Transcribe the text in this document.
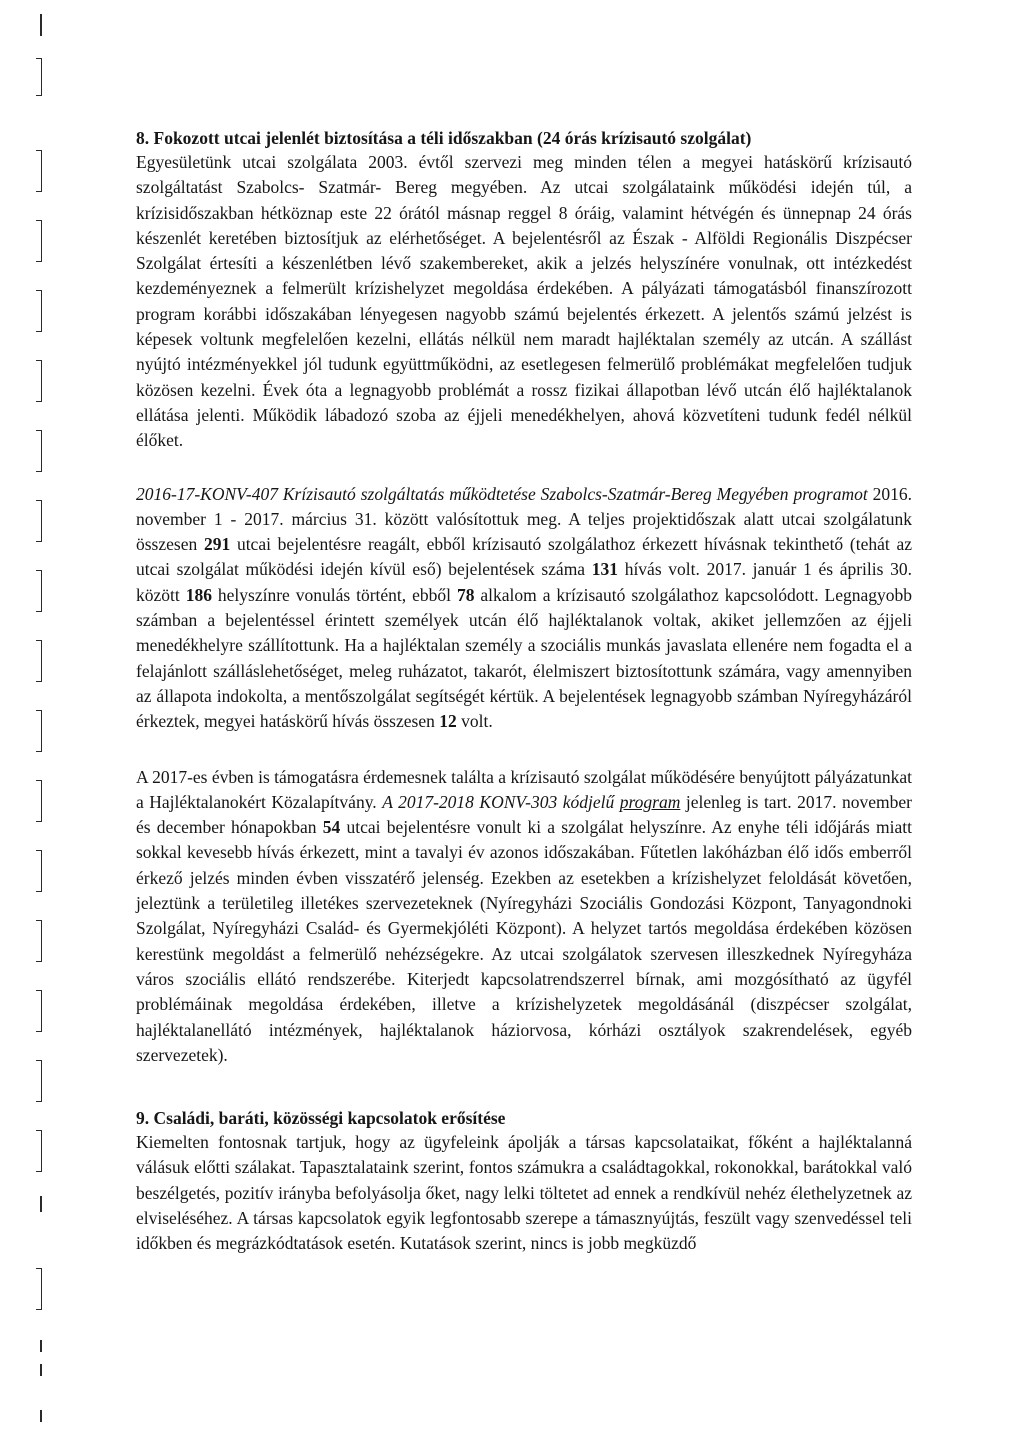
8. Fokozott utcai jelenlét biztosítása a téli időszakban (24 órás krízisautó szolgálat)

Egyesületünk utcai szolgálata 2003. évtől szervezi meg minden télen a megyei hatáskörű krízisautó szolgáltatást Szabolcs- Szatmár- Bereg megyében. Az utcai szolgálataink működési idején túl, a krízisidőszakban hétköznap este 22 órától másnap reggel 8 óráig, valamint hétvégén és ünnepnap 24 órás készenlét keretében biztosítjuk az elérhetőséget. A bejelentésről az Észak - Alföldi Regionális Diszpécser Szolgálat értesíti a készenlétben lévő szakembereket, akik a jelzés helyszínére vonulnak, ott intézkedést kezdeményeznek a felmerült krízishelyzet megoldása érdekében. A pályázati támogatásból finanszírozott program korábbi időszakában lényegesen nagyobb számú bejelentés érkezett. A jelentős számú jelzést is képesek voltunk megfelelően kezelni, ellátás nélkül nem maradt hajléktalan személy az utcán. A szállást nyújtó intézményekkel jól tudunk együttműködni, az esetlegesen felmerülő problémákat megfelelően tudjuk közösen kezelni. Évek óta a legnagyobb problémát a rossz fizikai állapotban lévő utcán élő hajléktalanok ellátása jelenti. Működik lábadozó szoba az éjjeli menedékhelyen, ahová közvetíteni tudunk fedél nélkül élőket.

2016-17-KONV-407 Krízisautó szolgáltatás működtetése Szabolcs-Szatmár-Bereg Megyében programot 2016. november 1 - 2017. március 31. között valósítottuk meg. A teljes projektidőszak alatt utcai szolgálatunk összesen 291 utcai bejelentésre reagált, ebből krízisautó szolgálathoz érkezett hívásnak tekinthető (tehát az utcai szolgálat működési idején kívül eső) bejelentések száma 131 hívás volt. 2017. január 1 és április 30. között 186 helyszínre vonulás történt, ebből 78 alkalom a krízisautó szolgálathoz kapcsolódott. Legnagyobb számban a bejelentéssel érintett személyek utcán élő hajléktalanok voltak, akiket jellemzően az éjjeli menedékhelyre szállítottunk. Ha a hajléktalan személy a szociális munkás javaslata ellenére nem fogadta el a felajánlott szálláslehetőséget, meleg ruházatot, takarót, élelmiszert biztosítottunk számára, vagy amennyiben az állapota indokolta, a mentőszolgálat segítségét kértük. A bejelentések legnagyobb számban Nyíregyházáról érkeztek, megyei hatáskörű hívás összesen 12 volt.

A 2017-es évben is támogatásra érdemesnek találta a krízisautó szolgálat működésére benyújtott pályázatunkat a Hajléktalanokért Közalapítvány. A 2017-2018 KONV-303 kódjelű program jelenleg is tart. 2017. november és december hónapokban 54 utcai bejelentésre vonult ki a szolgálat helyszínre. Az enyhe téli időjárás miatt sokkal kevesebb hívás érkezett, mint a tavalyi év azonos időszakában. Fűtetlen lakóházban élő idős emberről érkező jelzés minden évben visszatérő jelenség. Ezekben az esetekben a krízishelyzet feloldását követően, jeleztünk a területileg illetékes szervezeteknek (Nyíregyházi Szociális Gondozási Központ, Tanyagondnoki Szolgálat, Nyíregyházi Család- és Gyermekjóléti Központ). A helyzet tartós megoldása érdekében közösen kerestünk megoldást a felmerülő nehézségekre. Az utcai szolgálatok szervesen illeszkednek Nyíregyháza város szociális ellátó rendszerébe. Kiterjedt kapcsolatrendszerrel bírnak, ami mozgósítható az ügyfél problémáinak megoldása érdekében, illetve a krízishelyzetek megoldásánál (diszpécser szolgálat, hajléktalanellátó intézmények, hajléktalanok háziorvosa, kórházi osztályok szakrendelések, egyéb szervezetek).

9. Családi, baráti, közösségi kapcsolatok erősítése

Kiemelten fontosnak tartjuk, hogy az ügyfeleink ápolják a társas kapcsolataikat, főként a hajléktalanná válásuk előtti szálakat. Tapasztalataink szerint, fontos számukra a családtagokkal, rokonokkal, barátokkal való beszélgetés, pozitív irányba befolyásolja őket, nagy lelki töltetet ad ennek a rendkívül nehéz élethelyzetnek az elviseléséhez. A társas kapcsolatok egyik legfontosabb szerepe a támasznyújtás, feszült vagy szenvedéssel teli időkben és megrázkódtatások esetén. Kutatások szerint, nincs is jobb megküzdő
